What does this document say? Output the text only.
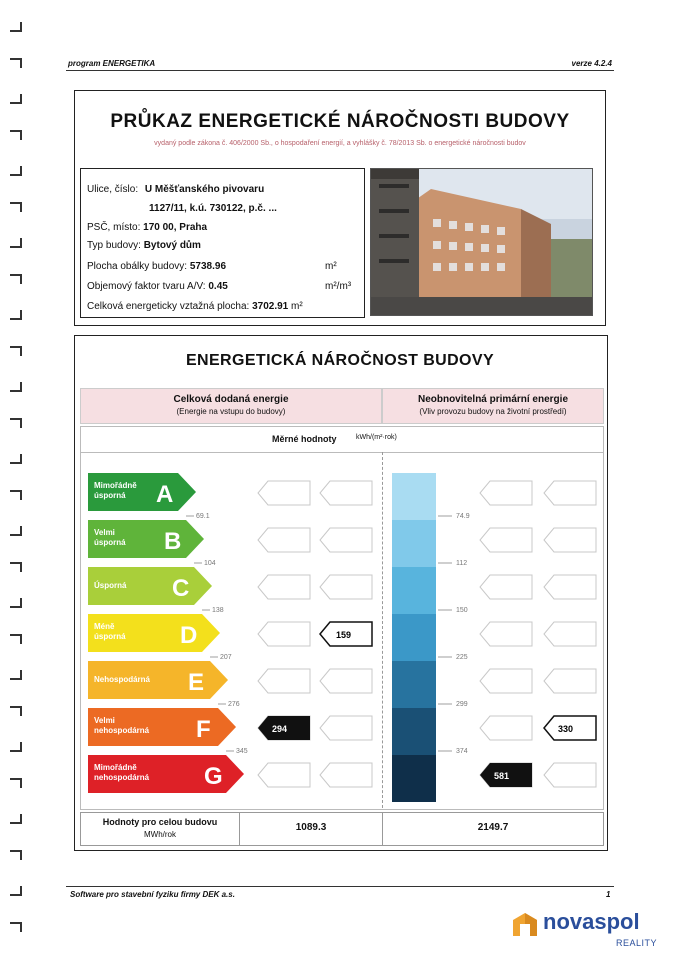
program ENERGETIKA	verze 4.2.4
PRŮKAZ ENERGETICKÉ NÁROČNOSTI BUDOVY
vydaný podle zákona č. 406/2000 Sb., o hospodaření energií, a vyhlášky č. 78/2013 Sb. o energetické náročnosti budov
Ulice, číslo: U Měšťanského pivovaru
1127/11, k.ú. 730122, p.č. ...
PSČ, místo: 170 00, Praha
Typ budovy: Bytový dům
Plocha obálky budovy: 5738.96	m²
Objemový faktor tvaru A/V: 0.45	m²/m³
Celková energeticky vztažná plocha: 3702.91 m²
ENERGETICKÁ NÁROČNOST BUDOVY
Celková dodaná energie
(Energie na vstupu do budovy)
Neobnovitelná primární energie
(Vliv provozu budovy na životní prostředí)
Měrné hodnoty	kWh/(m²·rok)
Mimořádně úsporná	A
Velmi úsporná B
Úsporná C
Méně úsporná D
Nehospodárná E
Velmi nehospodárná F
Mimořádně nehospodárná G
69.1
104
138
207
276
345
74.9
112
150
225
299
374
159
294	330
581
Hodnoty pro celou budovu
MWh/rok
1089.3	2149.7
Software pro stavební fyziku firmy DEK a.s.	1
novaspol
REALITY
